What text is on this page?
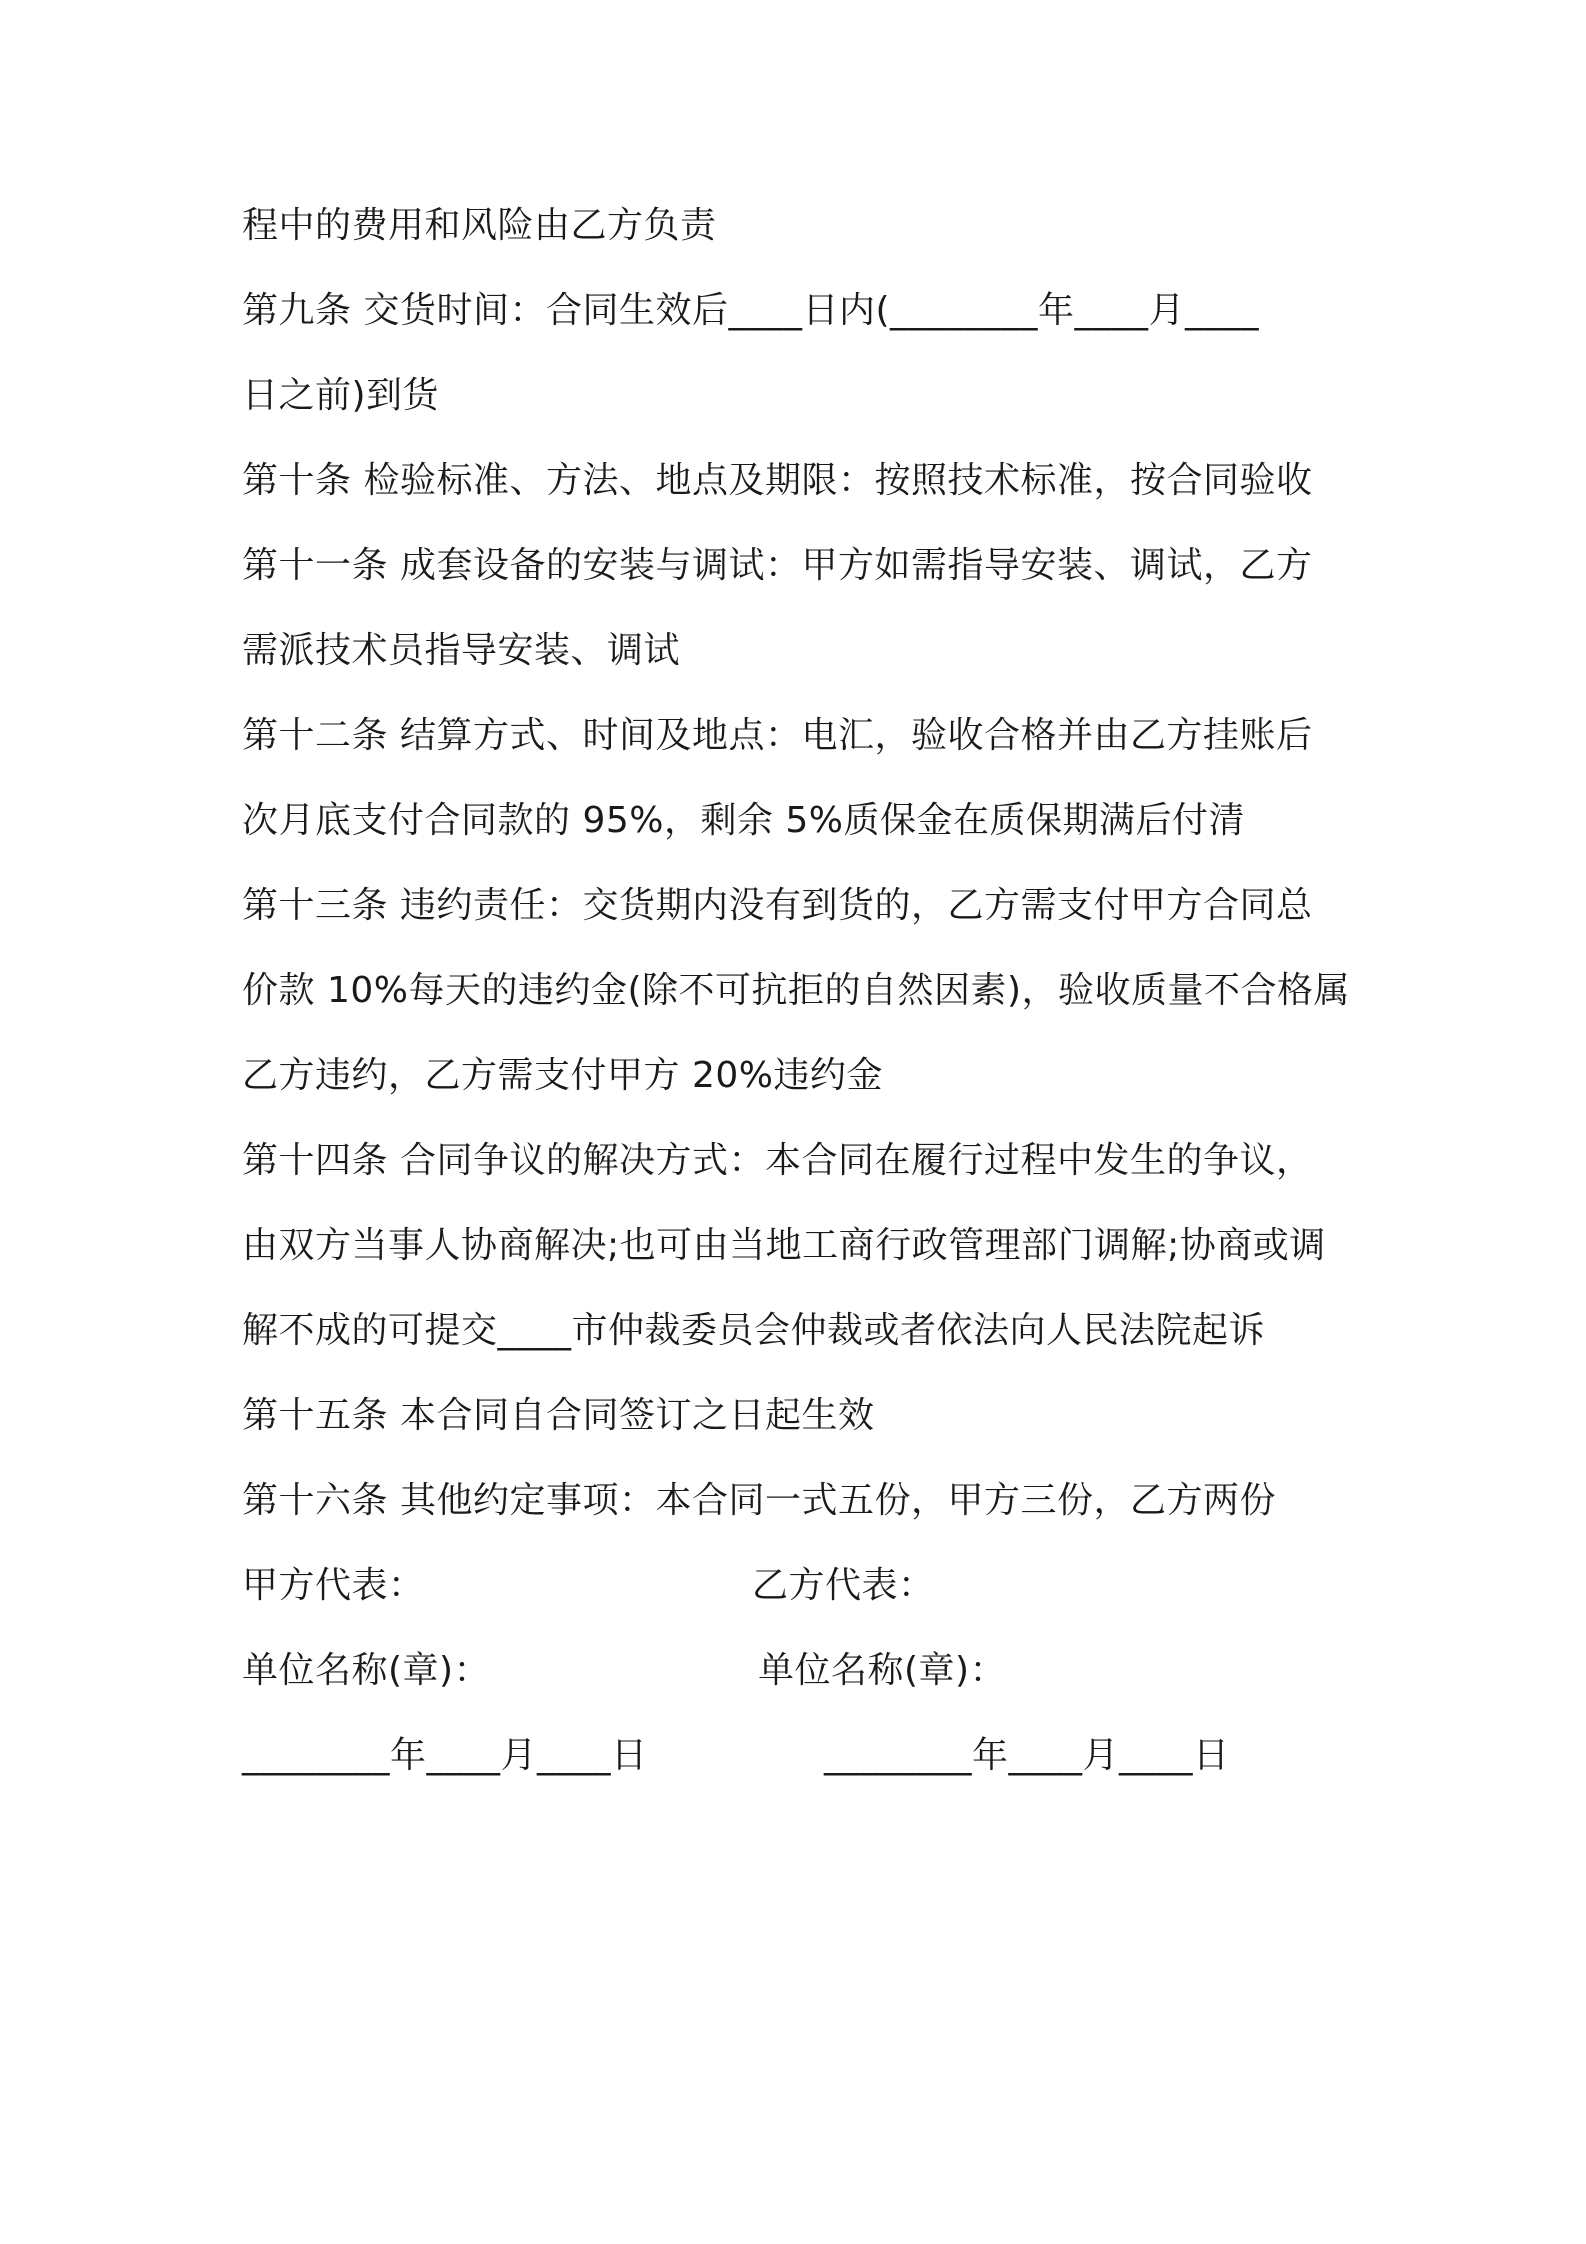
程中的费用和风险由乙方负责
第九条 交货时间：合同生效后____日内(________年____月____
日之前)到货
第十条 检验标准、方法、地点及期限：按照技术标准，按合同验收
第十一条 成套设备的安装与调试：甲方如需指导安装、调试，乙方
需派技术员指导安装、调试
第十二条 结算方式、时间及地点：电汇，验收合格并由乙方挂账后
次月底支付合同款的 95%，剩余 5%质保金在质保期满后付清
第十三条 违约责任：交货期内没有到货的，乙方需支付甲方合同总
价款 10%每天的违约金(除不可抗拒的自然因素)，验收质量不合格属
乙方违约，乙方需支付甲方 20%违约金
第十四条 合同争议的解决方式：本合同在履行过程中发生的争议，
由双方当事人协商解决;也可由当地工商行政管理部门调解;协商或调
解不成的可提交____市仲裁委员会仲裁或者依法向人民法院起诉
第十五条 本合同自合同签订之日起生效
第十六条 其他约定事项：本合同一式五份，甲方三份，乙方两份
甲方代表：	乙方代表：
单位名称(章)：	单位名称(章)：
________年____月____日	________年____月____日
